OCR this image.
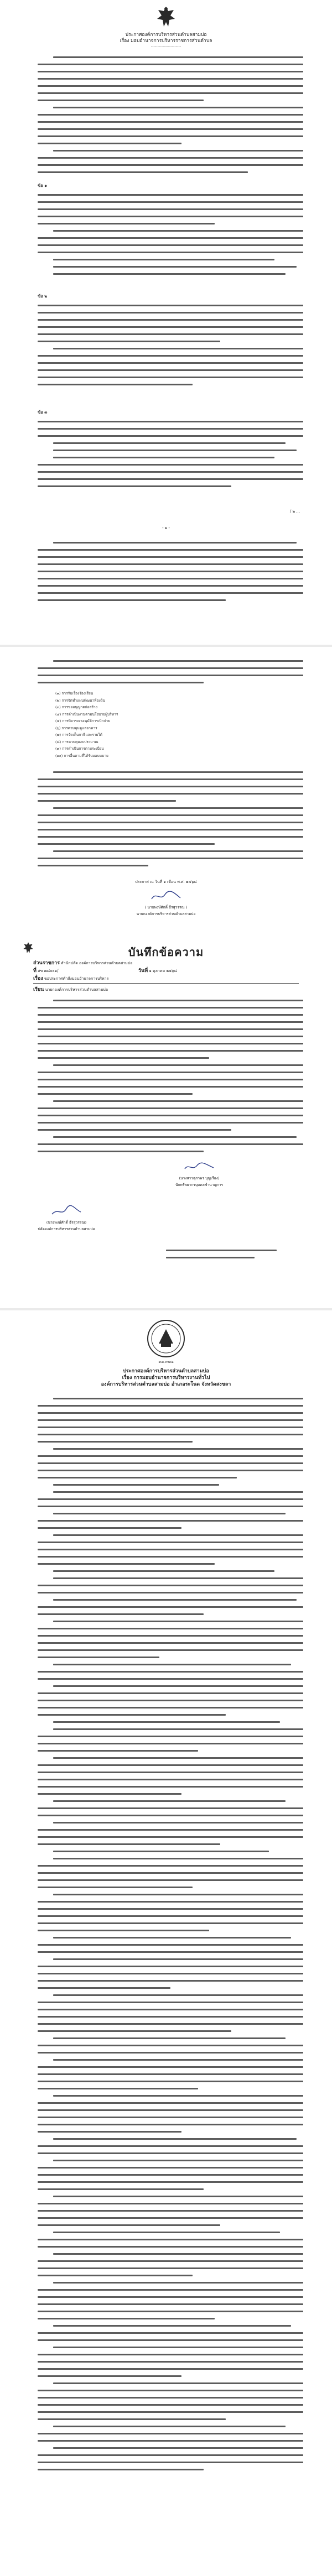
ประกาศองค์การบริหารส่วนตำบลสามบ่อ
เรื่อง มอบอำนาจการบริหารราชการส่วนตำบล
-----------------------
ข้อ ๑
ข้อ ๒
ข้อ ๓
/ ๒ ...
- ๒ -
(๑) การรับเรื่องร้องเรียน
(๒) การจัดทำแผนพัฒนาท้องถิ่น
(๓) การขออนุญาตก่อสร้าง
(๔) การดำเนินงานตามนโยบายผู้บริหาร
(๕) การพิจารณาอนุมัติการเบิกจ่าย
(๖) การควบคุมดูแลอาคาร
(๗) การจัดเก็บภาษีและรายได้
(๘) การควบคุมงบประมาณ
(๙) การดำเนินการตามระเบียบ
(๑๐) การอื่นตามที่ได้รับมอบหมาย
ประกาศ ณ วันที่ ๑ เดือน พ.ศ. ๒๕๖๘
( นายพงษ์ศักดิ์ ธีรสุวรรณ )
นายกองค์การบริหารส่วนตำบลสามบ่อ
บันทึกข้อความ
ส่วนราชการ สำนักปลัด องค์การบริหารส่วนตำบลสามบ่อ
ที่ สข ๗๘๐๐๑/	วันที่ ๑ ตุลาคม ๒๕๖๘
เรื่อง ขอประกาศคำสั่งมอบอำนาจการบริหาร
เรียน นายกองค์การบริหารส่วนตำบลสามบ่อ
(นางสาวสุภาพร บุญเรือง)
นักทรัพยากรบุคคลชำนาญการ
(นายพงษ์ศักดิ์ ธีรสุวรรณ)
ปลัดองค์การบริหารส่วนตำบลสามบ่อ
อบต.สามบ่อ
ประกาศองค์การบริหารส่วนตำบลสามบ่อ
เรื่อง การมอบอำนาจการบริหารงานทั่วไป
องค์การบริหารส่วนตำบลสามบ่อ อำเภอระโนด จังหวัดสงขลา
